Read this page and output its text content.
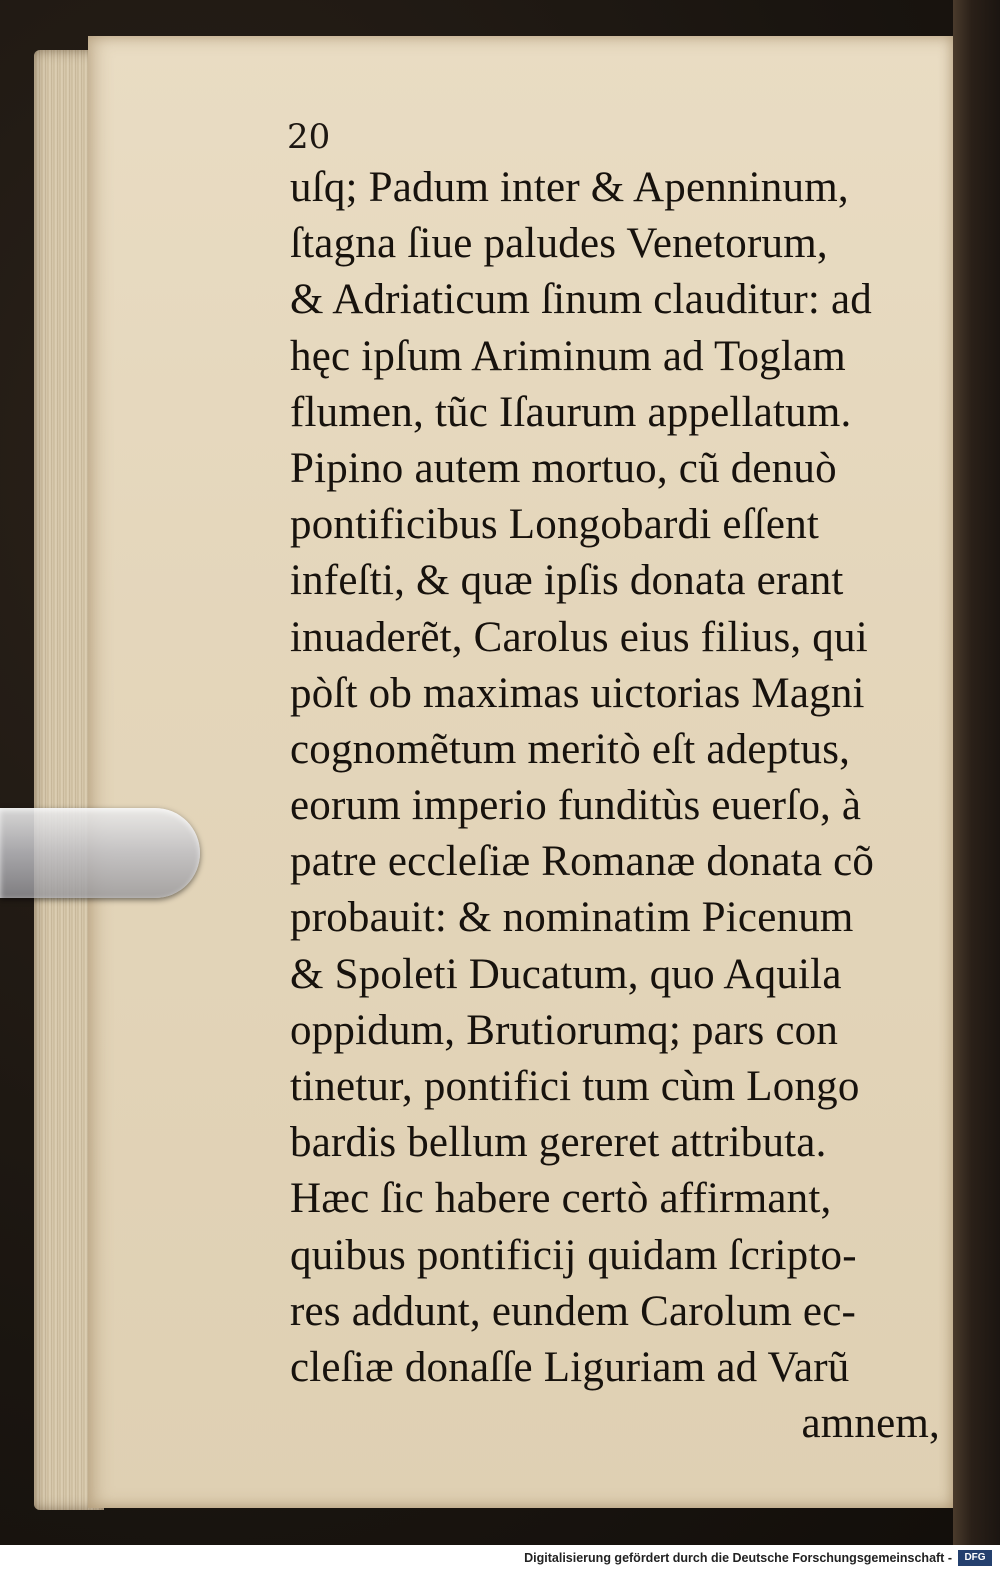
20
uſq; Padum inter & Apenninum,
ſtagna ſiue paludes Venetorum,
& Adriaticum ſinum clauditur: ad
hęc ipſum Ariminum ad Toglam
flumen, tũc Iſaurum appellatum.
Pipino autem mortuo, cũ denuò
pontificibus Longobardi eſſent
infeſti, & quæ ipſis donata erant
inuaderẽt, Carolus eius filius, qui
pòſt ob maximas uictorias Magni
cognomẽtum meritò eſt adeptus,
eorum imperio funditùs euerſo, à
patre eccleſiæ Romanæ donata cõ
probauit: & nominatim Picenum
& Spoleti Ducatum, quo Aquila
oppidum, Brutiorumq; pars con
tinetur, pontifici tum cùm Longo
bardis bellum gereret attributa.
Hæc ſic habere certò affirmant,
quibus pontificij quidam ſcripto-
res addunt, eundem Carolum ec-
cleſiæ donaſſe Liguriam ad Varũ
amnem,
Digitalisierung gefördert durch die Deutsche Forschungsgemeinschaft -	DFG
